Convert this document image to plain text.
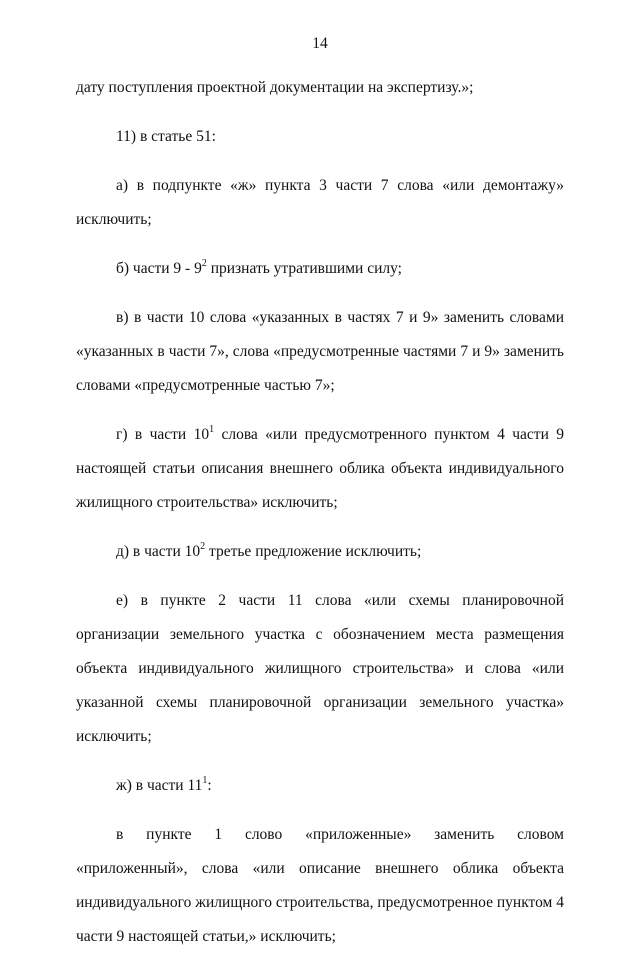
14

дату поступления проектной документации на экспертизу.»;

11) в статье 51:

а) в подпункте «ж» пункта 3 части 7 слова «или демонтажу» исключить;

б) части $9 - 9^2$ признать утратившими силу;

в) в части 10 слова «указанных в частях 7 и 9» заменить словами «указанных в части 7», слова «предусмотренные частями 7 и 9» заменить словами «предусмотренные частью 7»;

г) в части $10^1$ слова «или предусмотренного пунктом 4 части 9 настоящей статьи описания внешнего облика объекта индивидуального жилищного строительства» исключить;

д) в части $10^2$ третье предложение исключить;

е) в пункте 2 части 11 слова «или схемы планировочной организации земельного участка с обозначением места размещения объекта индивидуального жилищного строительства» и слова «или указанной схемы планировочной организации земельного участка» исключить;

ж) в части $11^1$:

в пункте 1 слово «приложенные» заменить словом «приложенный», слова «или описание внешнего облика объекта индивидуального жилищного строительства, предусмотренное пунктом 4 части 9 настоящей статьи,» исключить;
